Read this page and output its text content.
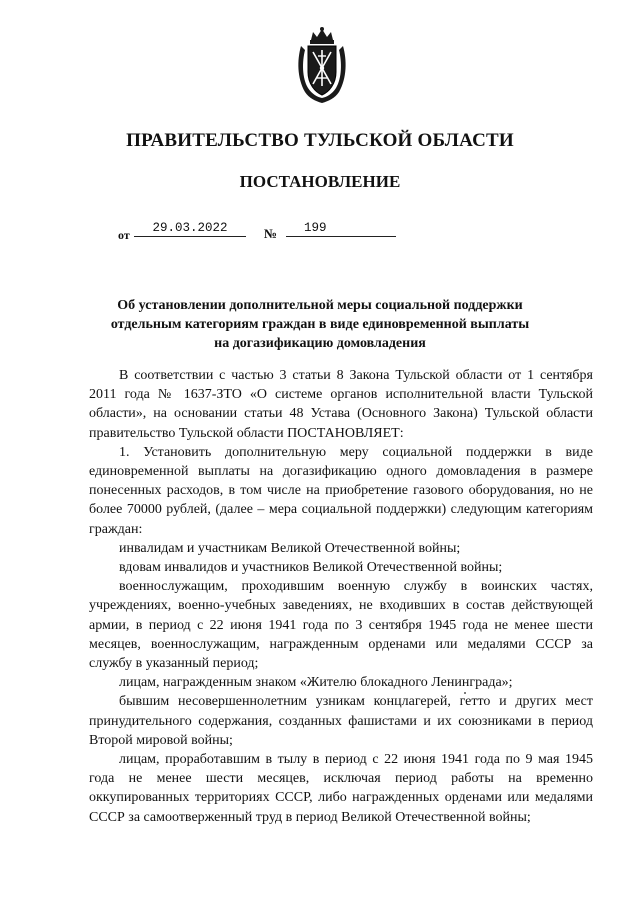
ПРАВИТЕЛЬСТВО ТУЛЬСКОЙ ОБЛАСТИ
ПОСТАНОВЛЕНИЕ
от	29.03.2022	№	199
Об установлении дополнительной меры социальной поддержки
отдельным категориям граждан в виде единовременной выплаты
на догазификацию домовладения

В соответствии с частью 3 статьи 8 Закона Тульской области от 1 сентября 2011 года № 1637-ЗТО «О системе органов исполнительной власти Тульской области», на основании статьи 48 Устава (Основного Закона) Тульской области правительство Тульской области ПОСТАНОВЛЯЕТ:

1. Установить дополнительную меру социальной поддержки в виде единовременной выплаты на догазификацию одного домовладения в размере понесенных расходов, в том числе на приобретение газового оборудования, но не более 70000 рублей, (далее – мера социальной поддержки) следующим категориям граждан:

инвалидам и участникам Великой Отечественной войны;

вдовам инвалидов и участников Великой Отечественной войны;

военнослужащим, проходившим военную службу в воинских частях, учреждениях, военно-учебных заведениях, не входивших в состав действующей армии, в период с 22 июня 1941 года по 3 сентября 1945 года не менее шести месяцев, военнослужащим, награжденным орденами или медалями СССР за службу в указанный период;

лицам, награжденным знаком «Жителю блокадного Ленинграда»;

бывшим несовершеннолетним узникам концлагерей, гетто и других мест принудительного содержания, созданных фашистами и их союзниками в период Второй мировой войны;

лицам, проработавшим в тылу в период с 22 июня 1941 года по 9 мая 1945 года не менее шести месяцев, исключая период работы на временно оккупированных территориях СССР, либо награжденных орденами или медалями СССР за самоотверженный труд в период Великой Отечественной войны;
